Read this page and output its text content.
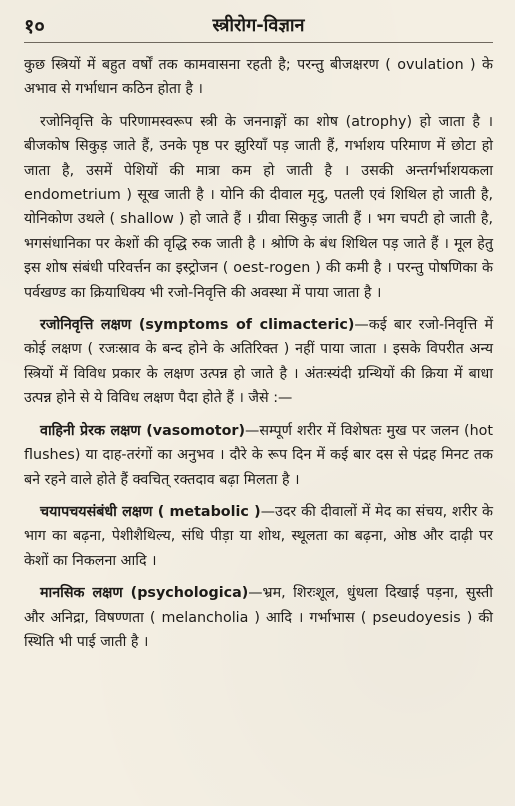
१०	स्त्रीरोग-विज्ञान

कुछ स्त्रियों में बहुत वर्षों तक कामवासना रहती है; परन्तु बीजक्षरण ( ovulation ) के अभाव से गर्भाधान कठिन होता है ।

रजोनिवृत्ति के परिणामस्वरूप स्त्री के जननाङ्गों का शोष (atrophy) हो जाता है । बीजकोष सिकुड़ जाते हैं, उनके पृष्ठ पर झुरियाँ पड़ जाती हैं, गर्भाशय परिमाण में छोटा हो जाता है, उसमें पेशियों की मात्रा कम हो जाती है । उसकी अन्तर्गर्भाशयकला endometrium ) सूख जाती है । योनि की दीवाल मृदु, पतली एवं शिथिल हो जाती है, योनिकोण उथले ( shallow ) हो जाते हैं । ग्रीवा सिकुड़ जाती हैं । भग चपटी हो जाती है, भगसंधानिका पर केशों की वृद्धि रुक जाती है । श्रोणि के बंध शिथिल पड़ जाते हैं । मूल हेतु इस शोष संबंधी परिवर्त्तन का इस्ट्रोजन ( oest-rogen ) की कमी है । परन्तु पोषणिका के पर्वखण्ड का क्रियाधिक्य भी रजो-निवृत्ति की अवस्था में पाया जाता है ।

रजोनिवृत्ति लक्षण (symptoms of climacteric)—कई बार रजो-निवृत्ति में कोई लक्षण ( रजःस्राव के बन्द होने के अतिरिक्त ) नहीं पाया जाता । इसके विपरीत अन्य स्त्रियों में विविध प्रकार के लक्षण उत्पन्न हो जाते है । अंतःस्यंदी ग्रन्थियों की क्रिया में बाधा उत्पन्न होने से ये विविध लक्षण पैदा होते हैं । जैसे :—

वाहिनी प्रेरक लक्षण (vasomotor)—सम्पूर्ण शरीर में विशेषतः मुख पर जलन (hot flushes) या दाह-तरंगों का अनुभव । दौरे के रूप दिन में कई बार दस से पंद्रह मिनट तक बने रहने वाले होते हैं क्वचित् रक्तदाव बढ़ा मिलता है ।

चयापचयसंबंधी लक्षण ( metabolic )—उदर की दीवालों में मेद का संचय, शरीर के भाग का बढ़ना, पेशीशैथिल्य, संधि पीड़ा या शोथ, स्थूलता का बढ़ना, ओष्ठ और दाढ़ी पर केशों का निकलना आदि ।

मानसिक लक्षण (psychologica)—भ्रम, शिरःशूल, धुंधला दिखाई पड़ना, सुस्ती और अनिद्रा, विषण्णता ( melancholia ) आदि । गर्भाभास ( pseudoyesis ) की स्थिति भी पाई जाती है ।
